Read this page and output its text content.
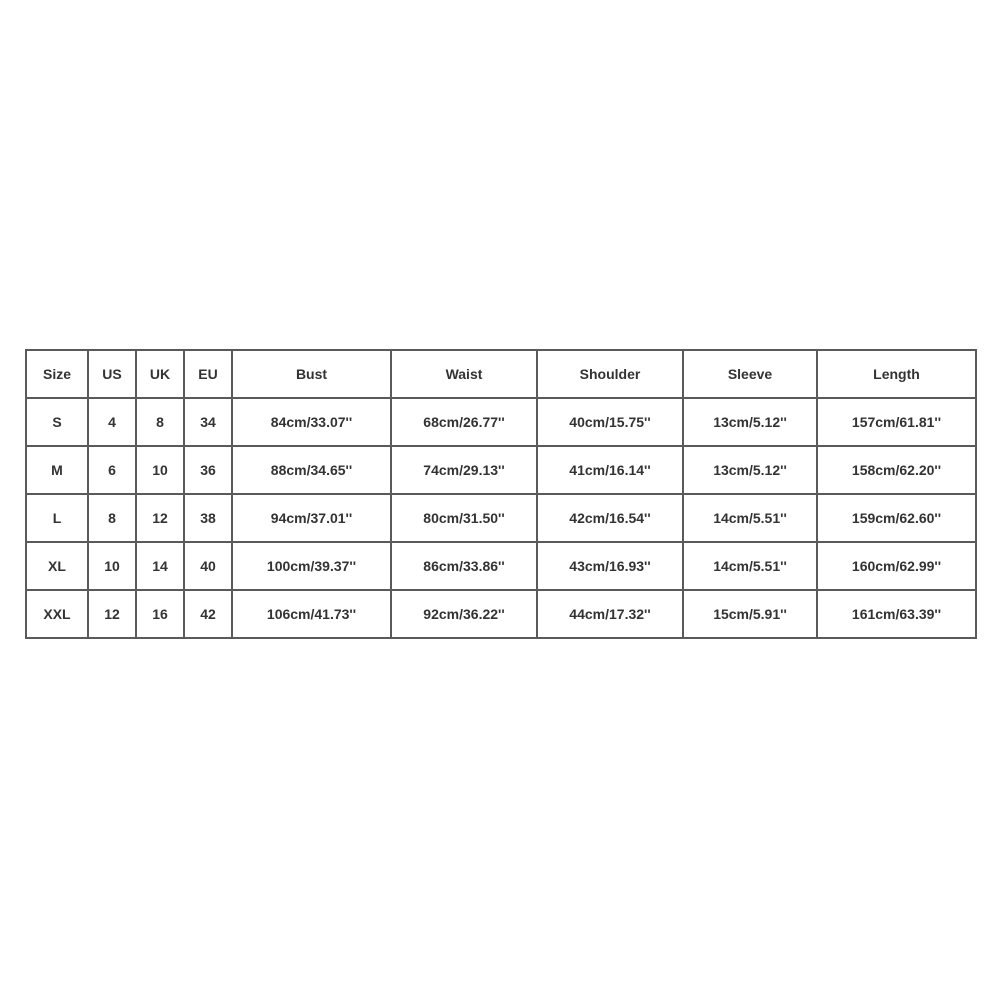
Size	US	UK	EU	Bust	Waist	Shoulder	Sleeve	Length
S	4	8	34	84cm/33.07''	68cm/26.77''	40cm/15.75''	13cm/5.12''	157cm/61.81''
M	6	10	36	88cm/34.65''	74cm/29.13''	41cm/16.14''	13cm/5.12''	158cm/62.20''
L	8	12	38	94cm/37.01''	80cm/31.50''	42cm/16.54''	14cm/5.51''	159cm/62.60''
XL	10	14	40	100cm/39.37''	86cm/33.86''	43cm/16.93''	14cm/5.51''	160cm/62.99''
XXL	12	16	42	106cm/41.73''	92cm/36.22''	44cm/17.32''	15cm/5.91''	161cm/63.39''
